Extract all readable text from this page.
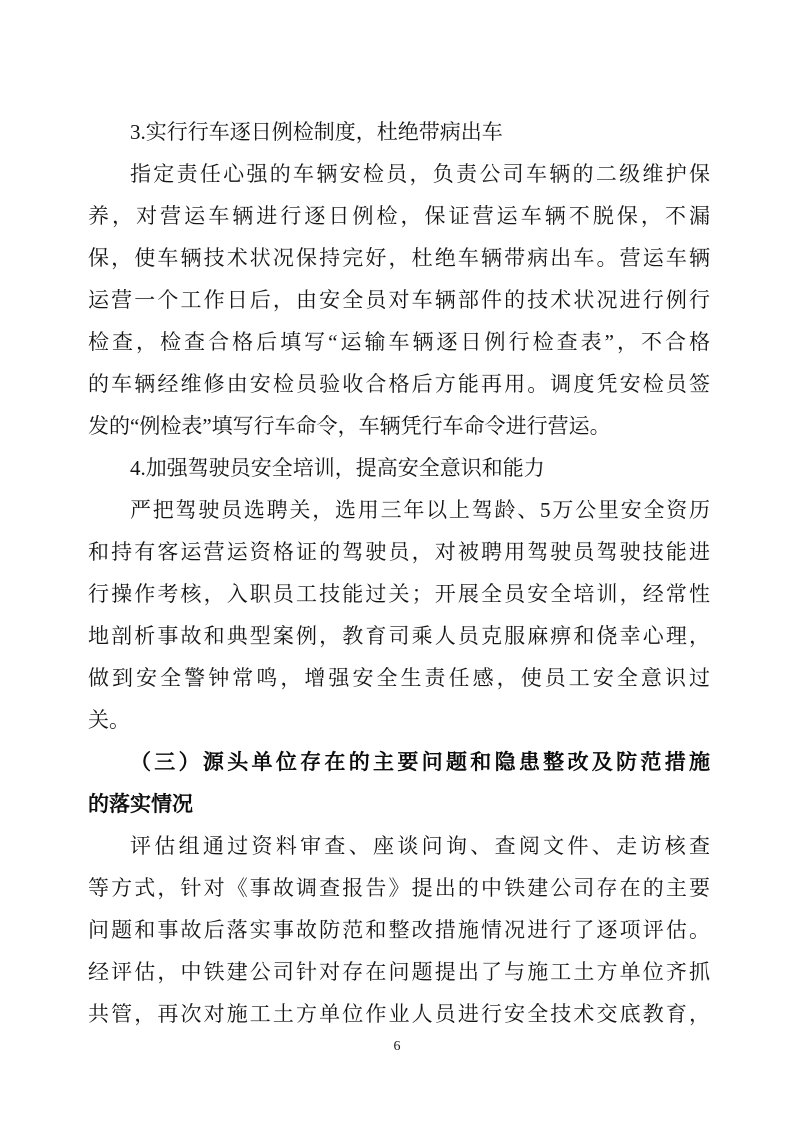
3.实行行车逐日例检制度，杜绝带病出车
指定责任心强的车辆安检员，负责公司车辆的二级维护保
养，对营运车辆进行逐日例检，保证营运车辆不脱保，不漏
保，使车辆技术状况保持完好，杜绝车辆带病出车。营运车辆
运营一个工作日后，由安全员对车辆部件的技术状况进行例行
检查，检查合格后填写“运输车辆逐日例行检查表”，不合格
的车辆经维修由安检员验收合格后方能再用。调度凭安检员签
发的“例检表”填写行车命令，车辆凭行车命令进行营运。
4.加强驾驶员安全培训，提高安全意识和能力
严把驾驶员选聘关，选用三年以上驾龄、5万公里安全资历
和持有客运营运资格证的驾驶员，对被聘用驾驶员驾驶技能进
行操作考核，入职员工技能过关；开展全员安全培训，经常性
地剖析事故和典型案例，教育司乘人员克服麻痹和侥幸心理，
做到安全警钟常鸣，增强安全生责任感，使员工安全意识过
关。
（三）源头单位存在的主要问题和隐患整改及防范措施
的落实情况
评估组通过资料审查、座谈问询、查阅文件、走访核查
等方式，针对《事故调查报告》提出的中铁建公司存在的主要
问题和事故后落实事故防范和整改措施情况进行了逐项评估。
经评估，中铁建公司针对存在问题提出了与施工土方单位齐抓
共管，再次对施工土方单位作业人员进行安全技术交底教育，
6
